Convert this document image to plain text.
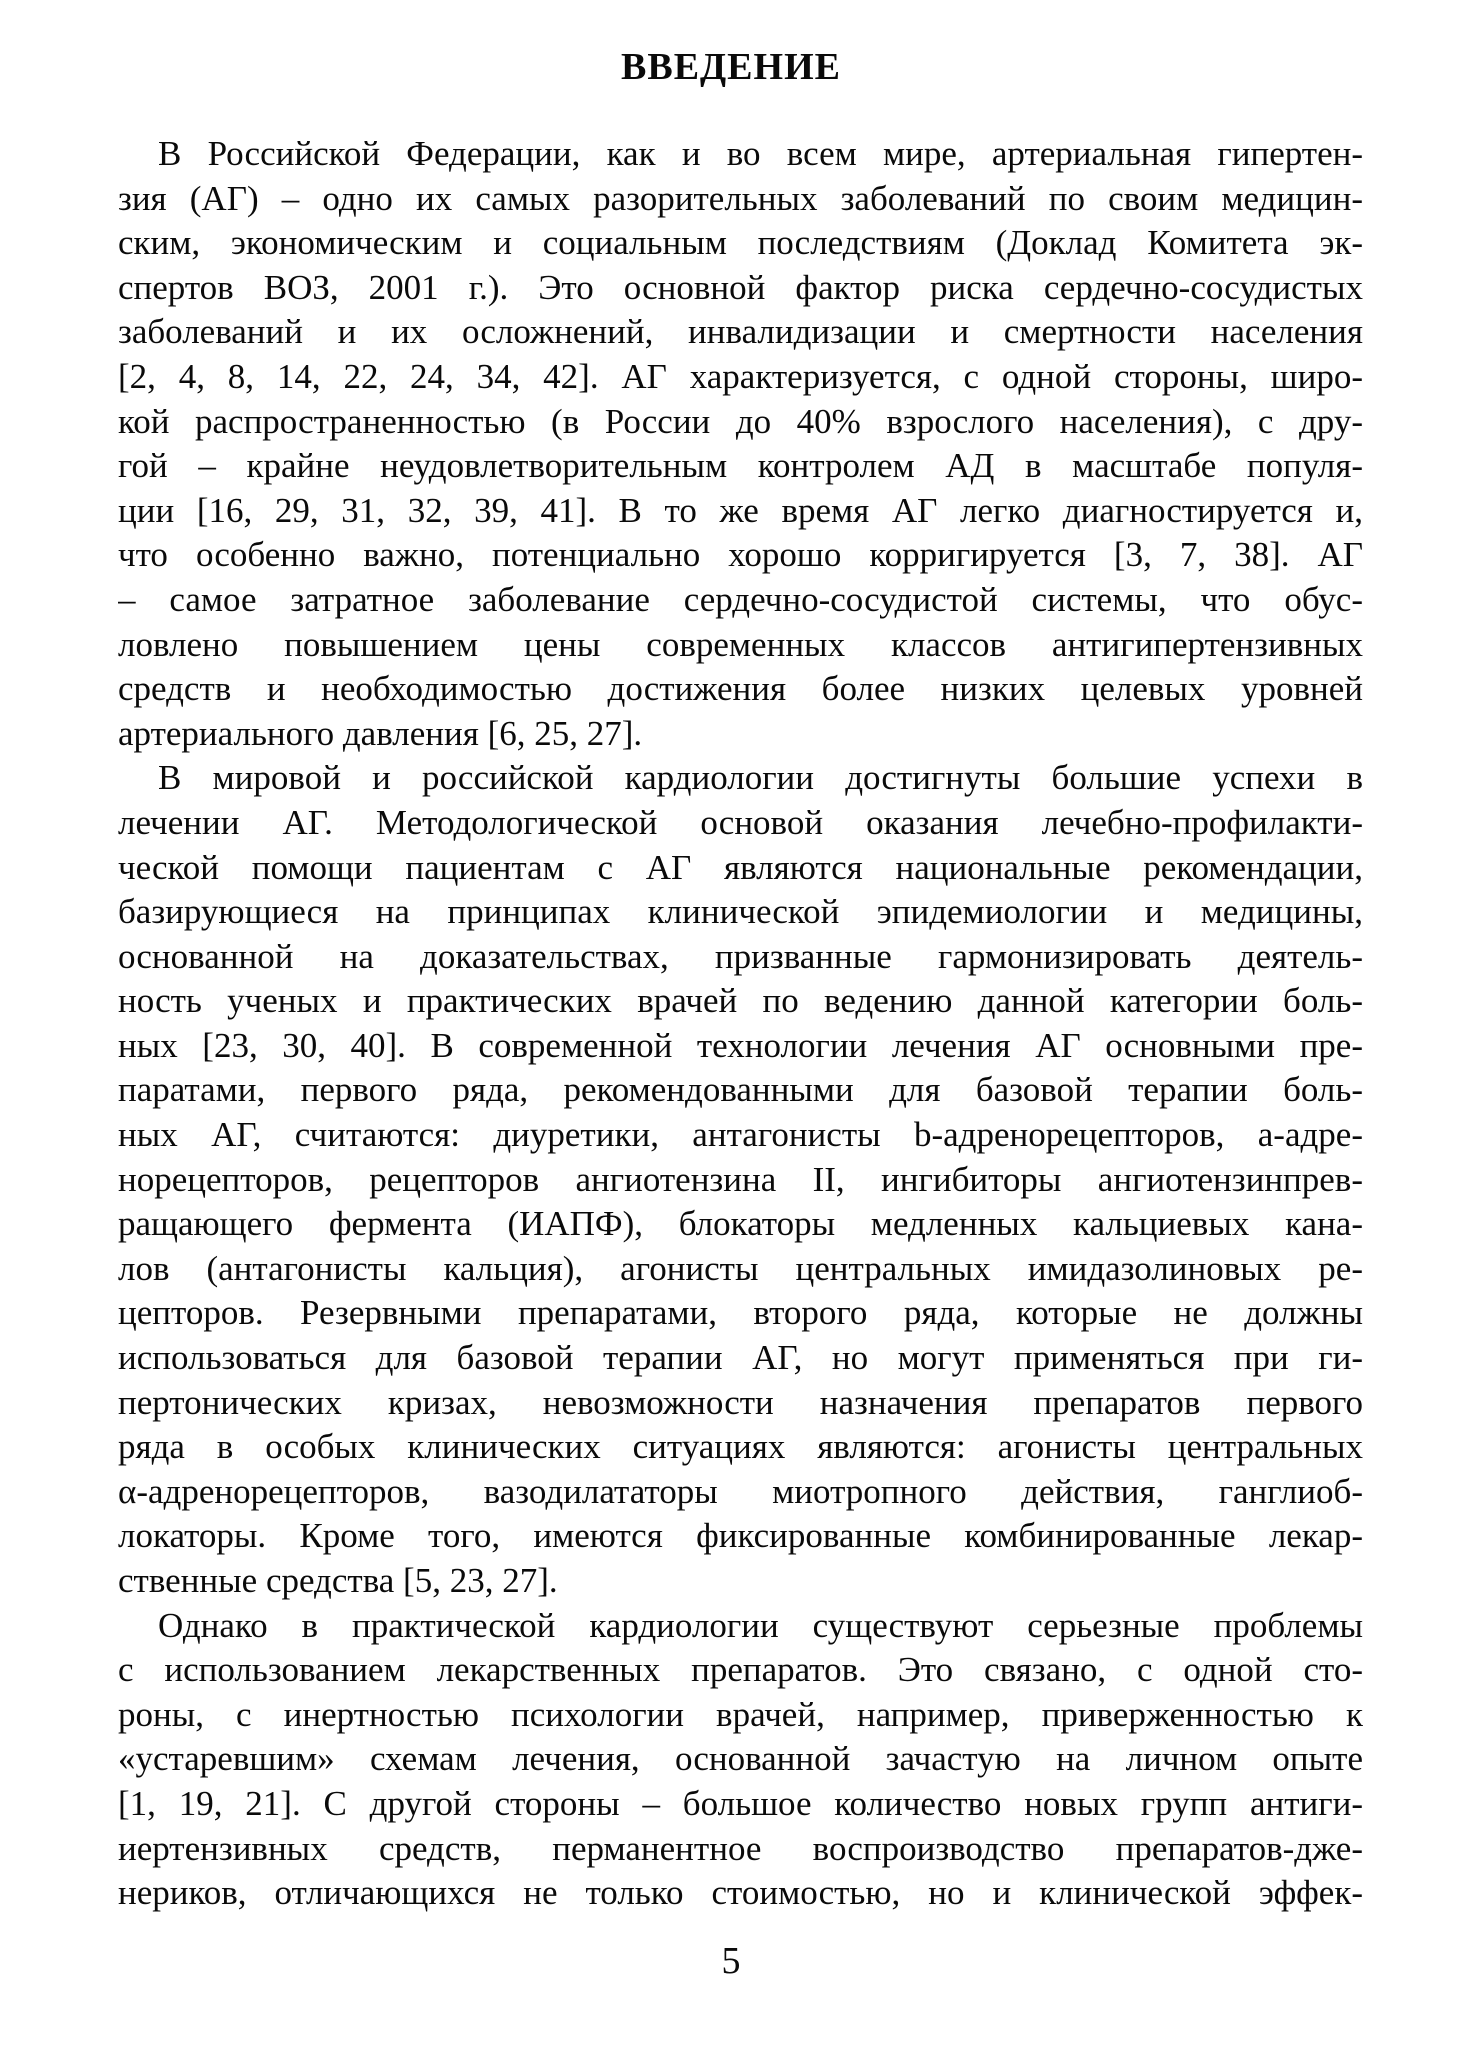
ВВЕДЕНИЕ
В Российской Федерации, как и во всем мире, артериальная гипертен-
зия (АГ) – одно их самых разорительных заболеваний по своим медицин-
ским, экономическим и социальным последствиям (Доклад Комитета эк-
спертов ВОЗ, 2001 г.). Это основной фактор риска сердечно-сосудистых
заболеваний и их осложнений, инвалидизации и смертности населения
[2, 4, 8, 14, 22, 24, 34, 42]. АГ характеризуется, с одной стороны, широ-
кой распространенностью (в России до 40% взрослого населения), с дру-
гой – крайне неудовлетворительным контролем АД в масштабе популя-
ции [16, 29, 31, 32, 39, 41]. В то же время АГ легко диагностируется и,
что особенно важно, потенциально хорошо корригируется [3, 7, 38]. АГ
– самое затратное заболевание сердечно-сосудистой системы, что обус-
ловлено повышением цены современных классов антигипертензивных
средств и необходимостью достижения более низких целевых уровней
артериального давления [6, 25, 27].
В мировой и российской кардиологии достигнуты большие успехи в
лечении АГ. Методологической основой оказания лечебно-профилакти-
ческой помощи пациентам с АГ являются национальные рекомендации,
базирующиеся на принципах клинической эпидемиологии и медицины,
основанной на доказательствах, призванные гармонизировать деятель-
ность ученых и практических врачей по ведению данной категории боль-
ных [23, 30, 40]. В современной технологии лечения АГ основными пре-
паратами, первого ряда, рекомендованными для базовой терапии боль-
ных АГ, считаются: диуретики, антагонисты b-адренорецепторов, a-адре-
норецепторов, рецепторов ангиотензина II, ингибиторы ангиотензинпрев-
ращающего фермента (ИАПФ), блокаторы медленных кальциевых кана-
лов (антагонисты кальция), агонисты центральных имидазолиновых ре-
цепторов. Резервными препаратами, второго ряда, которые не должны
использоваться для базовой терапии АГ, но могут применяться при ги-
пертонических кризах, невозможности назначения препаратов первого
ряда в особых клинических ситуациях являются: агонисты центральных
α-адренорецепторов, вазодилататоры миотропного действия, ганглиоб-
локаторы. Кроме того, имеются фиксированные комбинированные лекар-
ственные средства [5, 23, 27].
Однако в практической кардиологии существуют серьезные проблемы
с использованием лекарственных препаратов. Это связано, с одной сто-
роны, с инертностью психологии врачей, например, приверженностью к
«устаревшим» схемам лечения, основанной зачастую на личном опыте
[1, 19, 21]. С другой стороны – большое количество новых групп антиги-
иертензивных средств, перманентное воспроизводство препаратов-дже-
нериков, отличающихся не только стоимостью, но и клинической эффек-
5
